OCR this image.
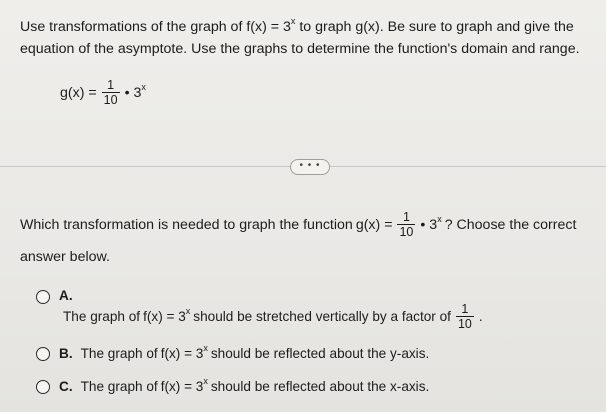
Use transformations of the graph of $f(x) = 3^x$ to graph g(x). Be sure to graph and give the
equation of the asymptote. Use the graphs to determine the function's domain and range.
$g(x) = \frac{1}{10}$ • 3$^x$
• • •
Which transformation is needed to graph the function $g(x) = \frac{1}{10}$ • 3$^x$ ? Choose the correct
answer below.
A.
The graph of $f(x) = 3^x$ should be stretched vertically by a factor of $\frac{1}{10}$ .
B. The graph of $f(x) = 3^x$ should be reflected about the y-axis.
C. The graph of $f(x) = 3^x$ should be reflected about the x-axis.
